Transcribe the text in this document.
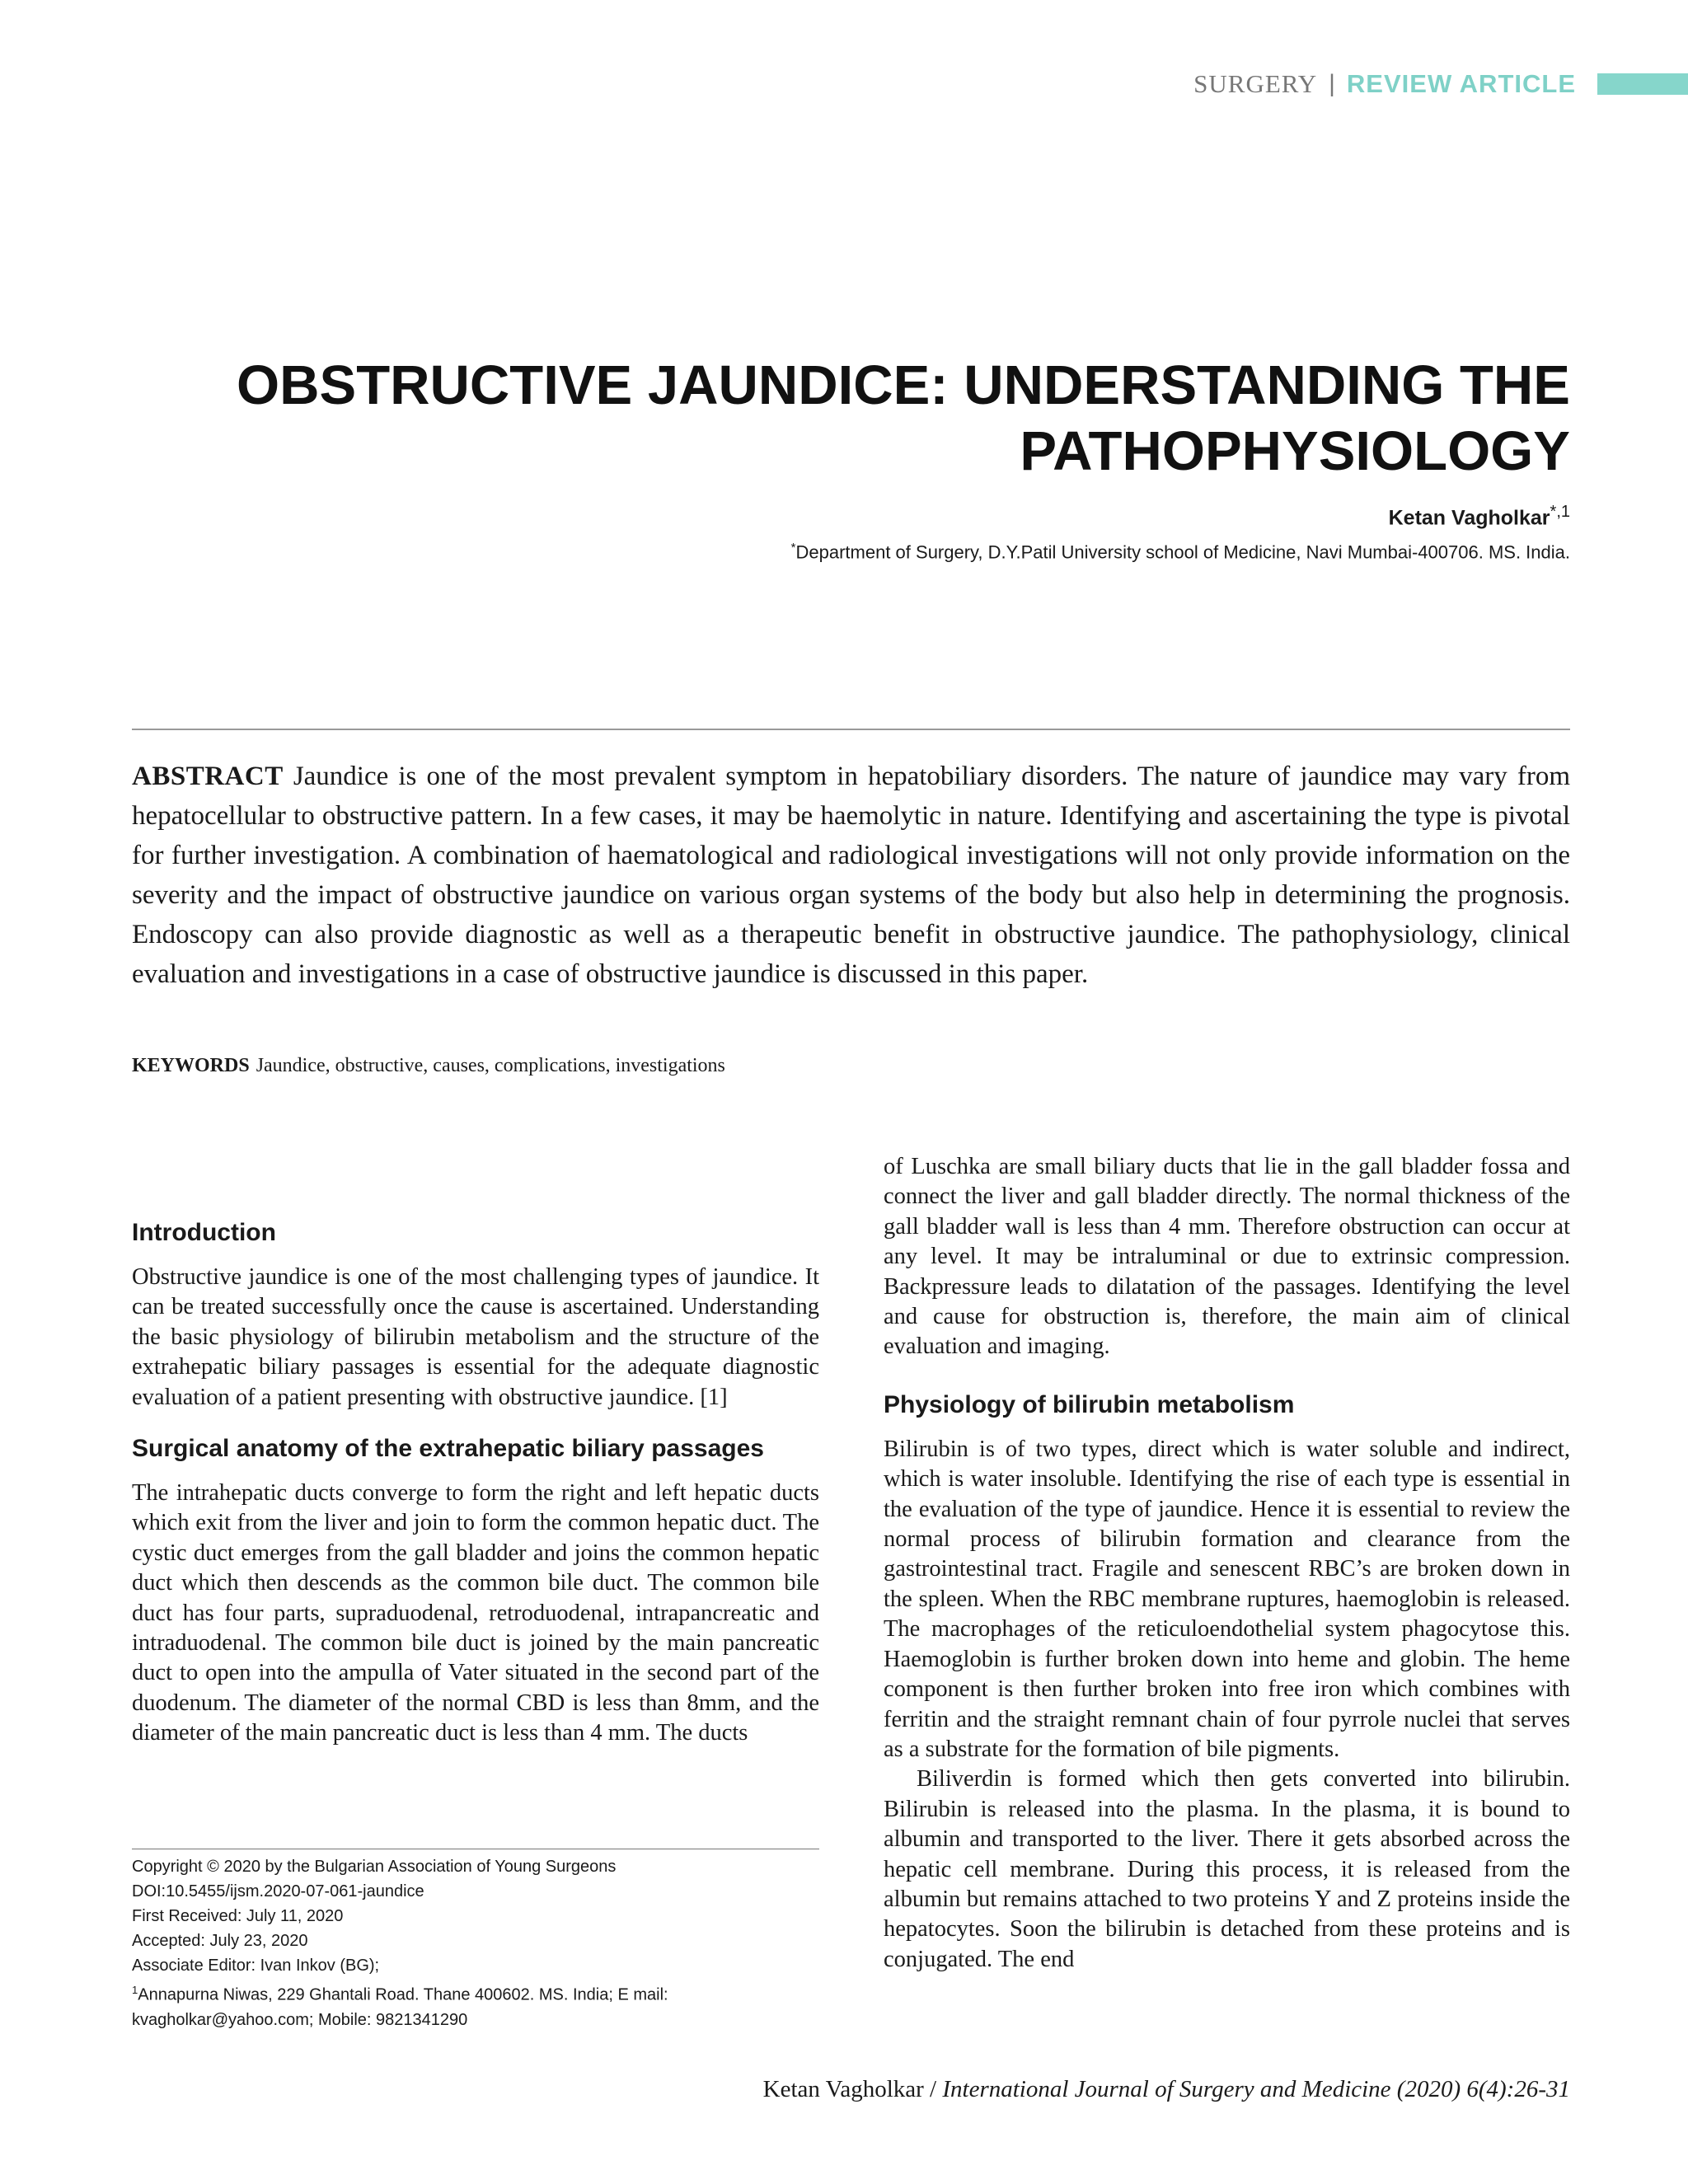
SURGERY | REVIEW ARTICLE
OBSTRUCTIVE JAUNDICE: UNDERSTANDING THE PATHOPHYSIOLOGY
Ketan Vagholkar$^{*,1}$
*Department of Surgery, D.Y.Patil University school of Medicine, Navi Mumbai-400706. MS. India.

ABSTRACT Jaundice is one of the most prevalent symptom in hepatobiliary disorders. The nature of jaundice may vary from hepatocellular to obstructive pattern. In a few cases, it may be haemolytic in nature. Identifying and ascertaining the type is pivotal for further investigation. A combination of haematological and radiological investigations will not only provide information on the severity and the impact of obstructive jaundice on various organ systems of the body but also help in determining the prognosis. Endoscopy can also provide diagnostic as well as a therapeutic benefit in obstructive jaundice. The pathophysiology, clinical evaluation and investigations in a case of obstructive jaundice is discussed in this paper.

KEYWORDS Jaundice, obstructive, causes, complications, investigations

Introduction

Obstructive jaundice is one of the most challenging types of jaundice. It can be treated successfully once the cause is ascertained. Understanding the basic physiology of bilirubin metabolism and the structure of the extrahepatic biliary passages is essential for the adequate diagnostic evaluation of a patient presenting with obstructive jaundice. [1]

Surgical anatomy of the extrahepatic biliary passages

The intrahepatic ducts converge to form the right and left hepatic ducts which exit from the liver and join to form the common hepatic duct. The cystic duct emerges from the gall bladder and joins the common hepatic duct which then descends as the common bile duct. The common bile duct has four parts, supraduodenal, retroduodenal, intrapancreatic and intraduodenal. The common bile duct is joined by the main pancreatic duct to open into the ampulla of Vater situated in the second part of the duodenum. The diameter of the normal CBD is less than 8mm, and the diameter of the main pancreatic duct is less than 4 mm. The ducts

Copyright © 2020 by the Bulgarian Association of Young Surgeons
DOI:10.5455/ijsm.2020-07-061-jaundice
First Received: July 11, 2020
Accepted: July 23, 2020
Associate Editor: Ivan Inkov (BG);
$^1$Annapurna Niwas, 229 Ghantali Road. Thane 400602. MS. India; E mail:
kvagholkar@yahoo.com; Mobile: 9821341290

of Luschka are small biliary ducts that lie in the gall bladder fossa and connect the liver and gall bladder directly. The normal thickness of the gall bladder wall is less than 4 mm. Therefore obstruction can occur at any level. It may be intraluminal or due to extrinsic compression. Backpressure leads to dilatation of the passages. Identifying the level and cause for obstruction is, therefore, the main aim of clinical evaluation and imaging.

Physiology of bilirubin metabolism

Bilirubin is of two types, direct which is water soluble and indirect, which is water insoluble. Identifying the rise of each type is essential in the evaluation of the type of jaundice. Hence it is essential to review the normal process of bilirubin formation and clearance from the gastrointestinal tract. Fragile and senescent RBC’s are broken down in the spleen. When the RBC membrane ruptures, haemoglobin is released. The macrophages of the reticuloendothelial system phagocytose this. Haemoglobin is further broken down into heme and globin. The heme component is then further broken into free iron which combines with ferritin and the straight remnant chain of four pyrrole nuclei that serves as a substrate for the formation of bile pigments.

Biliverdin is formed which then gets converted into bilirubin. Bilirubin is released into the plasma. In the plasma, it is bound to albumin and transported to the liver. There it gets absorbed across the hepatic cell membrane. During this process, it is released from the albumin but remains attached to two proteins Y and Z proteins inside the hepatocytes. Soon the bilirubin is detached from these proteins and is conjugated. The end

Ketan Vagholkar / International Journal of Surgery and Medicine (2020) 6(4):26-31
